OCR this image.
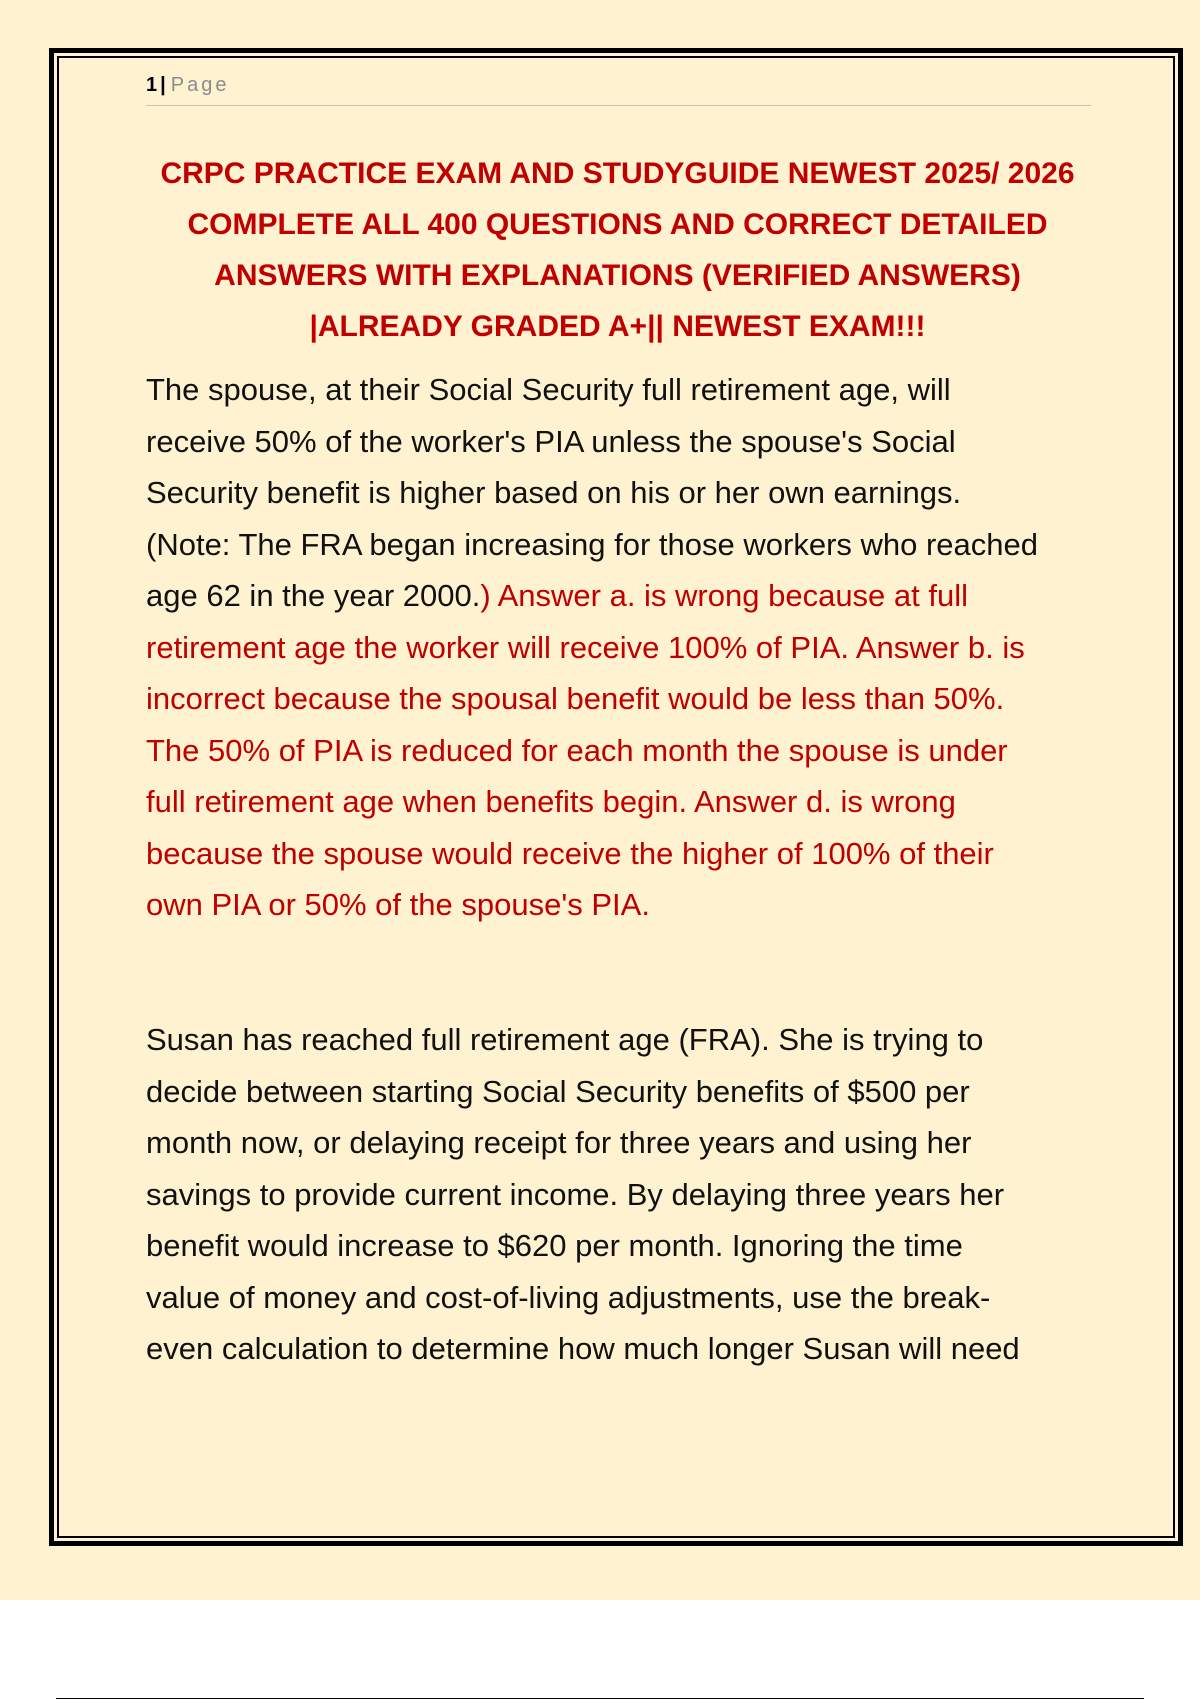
1 | Page
CRPC PRACTICE EXAM AND STUDYGUIDE NEWEST 2025/ 2026
COMPLETE ALL 400 QUESTIONS AND CORRECT DETAILED
ANSWERS WITH EXPLANATIONS (VERIFIED ANSWERS)
|ALREADY GRADED A+|| NEWEST EXAM!!!
The spouse, at their Social Security full retirement age, will
receive 50% of the worker's PIA unless the spouse's Social
Security benefit is higher based on his or her own earnings.
(Note: The FRA began increasing for those workers who reached
age 62 in the year 2000.) Answer a. is wrong because at full
retirement age the worker will receive 100% of PIA. Answer b. is
incorrect because the spousal benefit would be less than 50%.
The 50% of PIA is reduced for each month the spouse is under
full retirement age when benefits begin. Answer d. is wrong
because the spouse would receive the higher of 100% of their
own PIA or 50% of the spouse's PIA.
Susan has reached full retirement age (FRA). She is trying to
decide between starting Social Security benefits of $500 per
month now, or delaying receipt for three years and using her
savings to provide current income. By delaying three years her
benefit would increase to $620 per month. Ignoring the time
value of money and cost-of-living adjustments, use the break-
even calculation to determine how much longer Susan will need
